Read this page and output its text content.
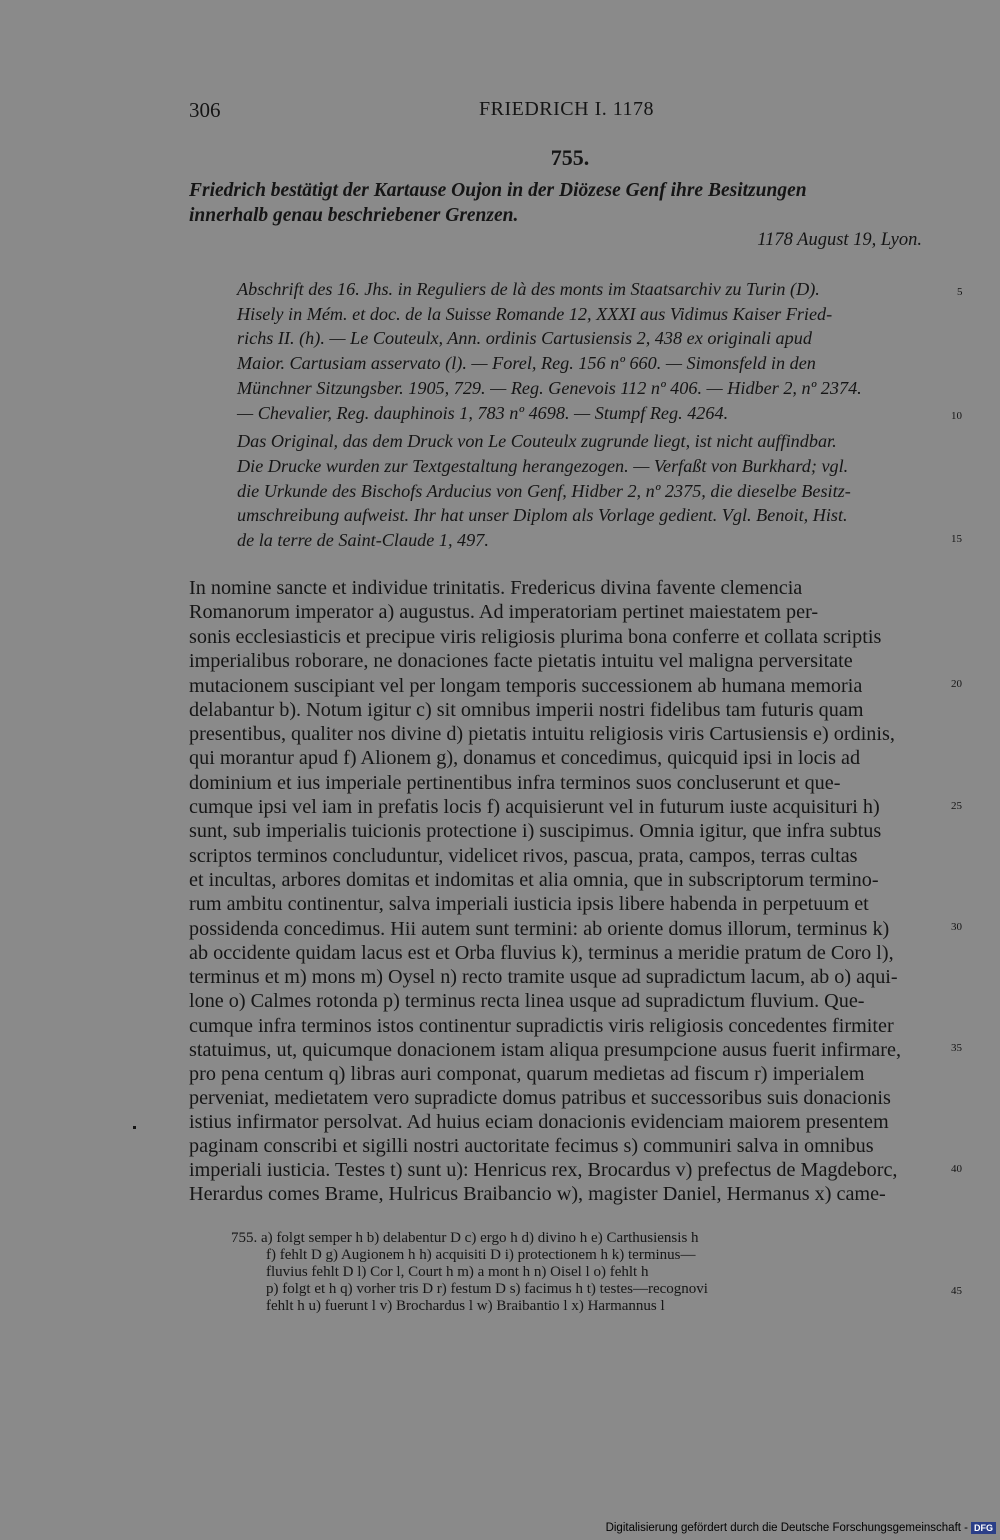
306	FRIEDRICH I. 1178
755.
Friedrich bestätigt der Kartause Oujon in der Diözese Genf ihre Besitzungen
innerhalb genau beschriebener Grenzen.
1178 August 19, Lyon.
Abschrift des 16. Jhs. in Reguliers de là des monts im Staatsarchiv zu Turin (D).
Hisely in Mém. et doc. de la Suisse Romande 12, XXXI aus Vidimus Kaiser Fried-
richs II. (h). — Le Couteulx, Ann. ordinis Cartusiensis 2, 438 ex originali apud
Maior. Cartusiam asservato (l). — Forel, Reg. 156 nº 660. — Simonsfeld in den
Münchner Sitzungsber. 1905, 729. — Reg. Genevois 112 nº 406. — Hidber 2, nº 2374.
— Chevalier, Reg. dauphinois 1, 783 nº 4698. — Stumpf Reg. 4264.
Das Original, das dem Druck von Le Couteulx zugrunde liegt, ist nicht auffindbar.
Die Drucke wurden zur Textgestaltung herangezogen. — Verfaßt von Burkhard; vgl.
die Urkunde des Bischofs Arducius von Genf, Hidber 2, nº 2375, die dieselbe Besitz-
umschreibung aufweist. Ihr hat unser Diplom als Vorlage gedient. Vgl. Benoit, Hist.
de la terre de Saint-Claude 1, 497.
In nomine sancte et individue trinitatis. Fredericus divina favente clemencia
Romanorum imperator a) augustus. Ad imperatoriam pertinet maiestatem per-
sonis ecclesiasticis et precipue viris religiosis plurima bona conferre et collata scriptis
imperialibus roborare, ne donaciones facte pietatis intuitu vel maligna perversitate
mutacionem suscipiant vel per longam temporis successionem ab humana memoria
delabantur b). Notum igitur c) sit omnibus imperii nostri fidelibus tam futuris quam
presentibus, qualiter nos divine d) pietatis intuitu religiosis viris Cartusiensis e) ordinis,
qui morantur apud f) Alionem g), donamus et concedimus, quicquid ipsi in locis ad
dominium et ius imperiale pertinentibus infra terminos suos concluserunt et que-
cumque ipsi vel iam in prefatis locis f) acquisierunt vel in futurum iuste acquisituri h)
sunt, sub imperialis tuicionis protectione i) suscipimus. Omnia igitur, que infra subtus
scriptos terminos concluduntur, videlicet rivos, pascua, prata, campos, terras cultas
et incultas, arbores domitas et indomitas et alia omnia, que in subscriptorum termino-
rum ambitu continentur, salva imperiali iusticia ipsis libere habenda in perpetuum et
possidenda concedimus. Hii autem sunt termini: ab oriente domus illorum, terminus k)
ab occidente quidam lacus est et Orba fluvius k), terminus a meridie pratum de Coro l),
terminus et m) mons m) Oysel n) recto tramite usque ad supradictum lacum, ab o) aqui-
lone o) Calmes rotonda p) terminus recta linea usque ad supradictum fluvium. Que-
cumque infra terminos istos continentur supradictis viris religiosis concedentes firmiter
statuimus, ut, quicumque donacionem istam aliqua presumpcione ausus fuerit infirmare,
pro pena centum q) libras auri componat, quarum medietas ad fiscum r) imperialem
perveniat, medietatem vero supradicte domus patribus et successoribus suis donacionis
istius infirmator persolvat. Ad huius eciam donacionis evidenciam maiorem presentem
paginam conscribi et sigilli nostri auctoritate fecimus s) communiri salva in omnibus
imperiali iusticia. Testes t) sunt u): Henricus rex, Brocardus v) prefectus de Magdeborc,
Herardus comes Brame, Hulricus Braibancio w), magister Daniel, Hermanus x) came-
755. a) folgt semper h b) delabentur D c) ergo h d) divino h e) Carthusiensis h
f) fehlt D g) Augionem h h) acquisiti D i) protectionem h k) terminus—
fluvius fehlt D l) Cor l, Court h m) a mont h n) Oisel l o) fehlt h
p) folgt et h q) vorher tris D r) festum D s) facimus h t) testes—recognovi
fehlt h u) fuerunt l v) Brochardus l w) Braibantio l x) Harmannus l
5
10
15
20
25
30
35
40
45
Digitalisierung gefördert durch die Deutsche Forschungsgemeinschaft - DFG
